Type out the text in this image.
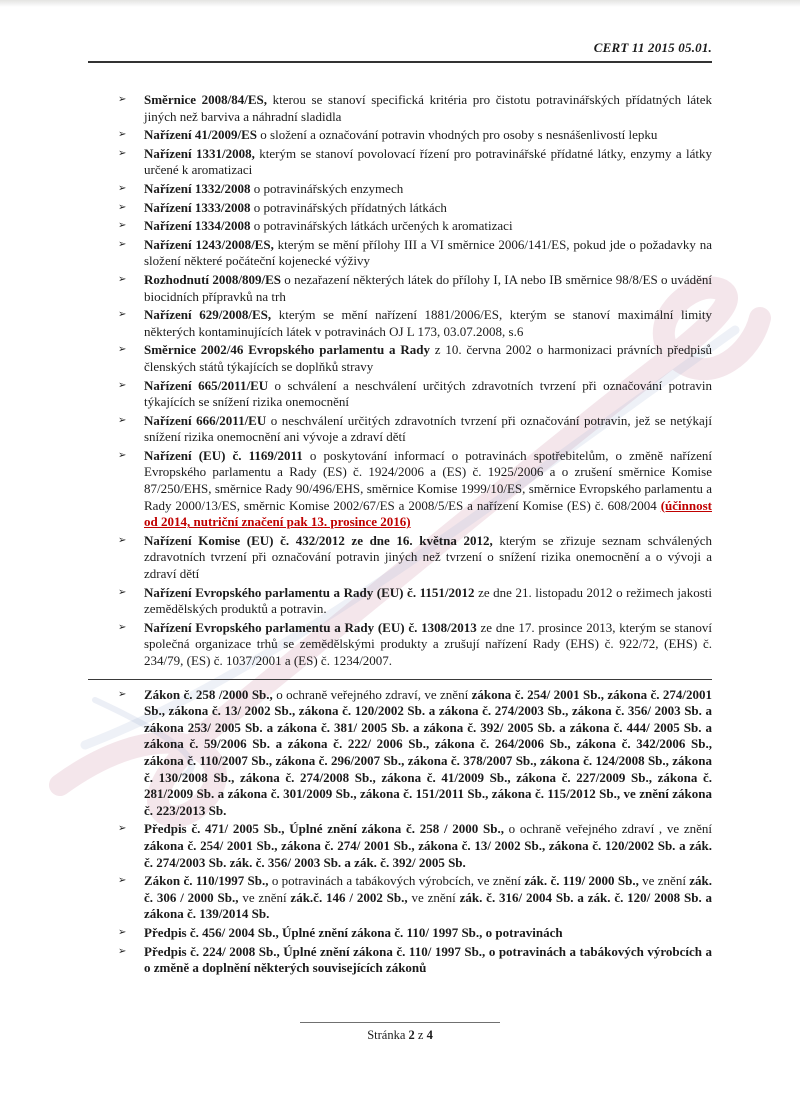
CERT 11 2015 05.01.
➢	Směrnice 2008/84/ES, kterou se stanoví specifická kritéria pro čistotu potravinářských přídatných látek jiných než barviva a náhradní sladidla
➢	Nařízení 41/2009/ES o složení a označování potravin vhodných pro osoby s nesnášenlivostí lepku
➢	Nařízení 1331/2008, kterým se stanoví povolovací řízení pro potravinářské přídatné látky, enzymy a látky určené k aromatizaci
➢	Nařízení 1332/2008 o potravinářských enzymech
➢	Nařízení 1333/2008 o potravinářských přídatných látkách
➢	Nařízení 1334/2008 o potravinářských látkách určených k aromatizaci
➢	Nařízení 1243/2008/ES, kterým se mění přílohy III a VI směrnice 2006/141/ES, pokud jde o požadavky na složení některé počáteční kojenecké výživy
➢	Rozhodnutí 2008/809/ES o nezařazení některých látek do přílohy I, IA nebo IB směrnice 98/8/ES o uvádění biocidních přípravků na trh
➢	Nařízení 629/2008/ES, kterým se mění nařízení 1881/2006/ES, kterým se stanoví maximální limity některých kontaminujících látek v potravinách OJ L 173, 03.07.2008, s.6
➢	Směrnice 2002/46 Evropského parlamentu a Rady z 10. června 2002 o harmonizaci právních předpisů členských států týkajících se doplňků stravy
➢	Nařízení 665/2011/EU o schválení a neschválení určitých zdravotních tvrzení při označování potravin týkajících se snížení rizika onemocnění
➢	Nařízení 666/2011/EU o neschválení určitých zdravotních tvrzení při označování potravin, jež se netýkají snížení rizika onemocnění ani vývoje a zdraví dětí
➢	Nařízení (EU) č. 1169/2011 o poskytování informací o potravinách spotřebitelům, o změně nařízení Evropského parlamentu a Rady (ES) č. 1924/2006 a (ES) č. 1925/2006 a o zrušení směrnice Komise 87/250/EHS, směrnice Rady 90/496/EHS, směrnice Komise 1999/10/ES, směrnice Evropského parlamentu a Rady 2000/13/ES, směrnic Komise 2002/67/ES a 2008/5/ES a nařízení Komise (ES) č. 608/2004 (účinnost od 2014, nutriční značení pak 13. prosince 2016)
➢	Nařízení Komise (EU) č. 432/2012 ze dne 16. května 2012, kterým se zřizuje seznam schválených zdravotních tvrzení při označování potravin jiných než tvrzení o snížení rizika onemocnění a o vývoji a zdraví dětí
➢	Nařízení Evropského parlamentu a Rady (EU) č. 1151/2012 ze dne 21. listopadu 2012 o režimech jakosti zemědělských produktů a potravin.
➢	Nařízení Evropského parlamentu a Rady (EU) č. 1308/2013 ze dne 17. prosince 2013, kterým se stanoví společná organizace trhů se zemědělskými produkty a zrušují nařízení Rady (EHS) č. 922/72, (EHS) č. 234/79, (ES) č. 1037/2001 a (ES) č. 1234/2007.
➢	Zákon č. 258 /2000 Sb., o ochraně veřejného zdraví, ve znění zákona č. 254/ 2001 Sb., zákona č. 274/2001 Sb., zákona č. 13/ 2002 Sb., zákona č. 120/2002 Sb. a zákona č. 274/2003 Sb., zákona č. 356/ 2003 Sb. a zákona 253/ 2005 Sb. a zákona č. 381/ 2005 Sb. a zákona č. 392/ 2005 Sb. a zákona č. 444/ 2005 Sb. a zákona č. 59/2006 Sb. a zákona č. 222/ 2006 Sb., zákona č. 264/2006 Sb., zákona č. 342/2006 Sb., zákona č. 110/2007 Sb., zákona č. 296/2007 Sb., zákona č. 378/2007 Sb., zákona č. 124/2008 Sb., zákona č. 130/2008 Sb., zákona č. 274/2008 Sb., zákona č. 41/2009 Sb., zákona č. 227/2009 Sb., zákona č. 281/2009 Sb. a zákona č. 301/2009 Sb., zákona č. 151/2011 Sb., zákona č. 115/2012 Sb., ve znění zákona č. 223/2013 Sb.
➢	Předpis č. 471/ 2005 Sb., Úplné znění zákona č. 258 / 2000 Sb., o ochraně veřejného zdraví , ve znění zákona č. 254/ 2001 Sb., zákona č. 274/ 2001 Sb., zákona č. 13/ 2002 Sb., zákona č. 120/2002 Sb. a zák. č. 274/2003 Sb. zák. č. 356/ 2003 Sb. a zák. č. 392/ 2005 Sb.
➢	Zákon č. 110/1997 Sb., o potravinách a tabákových výrobcích, ve znění zák. č. 119/ 2000 Sb., ve znění zák. č. 306 / 2000 Sb., ve znění zák.č. 146 / 2002 Sb., ve znění zák. č. 316/ 2004 Sb. a zák. č. 120/ 2008 Sb. a zákona č. 139/2014 Sb.
➢	Předpis č. 456/ 2004 Sb., Úplné znění zákona č. 110/ 1997 Sb., o potravinách
➢	Předpis č. 224/ 2008 Sb., Úplné znění zákona č. 110/ 1997 Sb., o potravinách a tabákových výrobcích a o změně a doplnění některých souvisejících zákonů
Stránka 2 z 4
